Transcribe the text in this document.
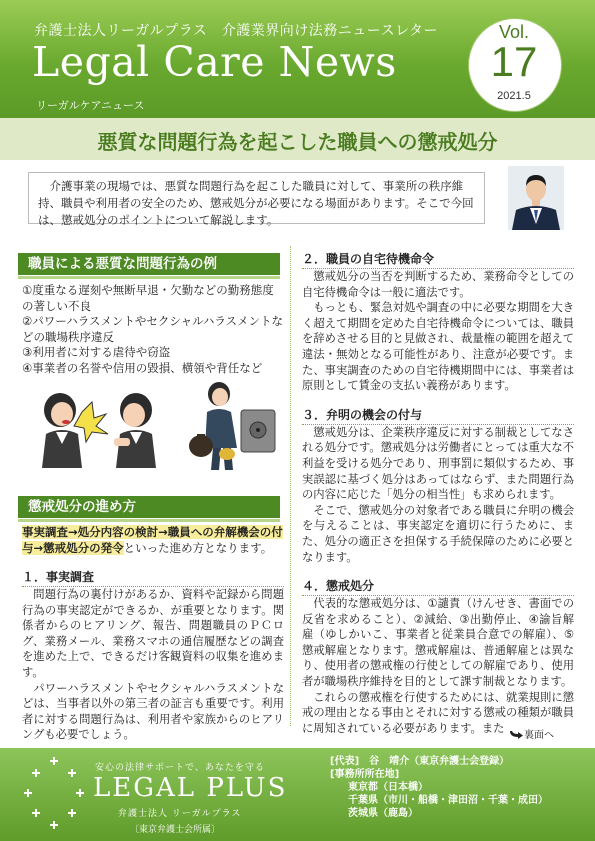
弁護士法人リーガルプラス　介護業界向け法務ニュースレター
Legal Care News
リーガルケアニュース
Vol.
17
2021.5
悪質な問題行為を起こした職員への懲戒処分
介護事業の現場では、悪質な問題行為を起こした職員に対して、事業所の秩序維持、職員や利用者の安全のため、懲戒処分が必要になる場面があります。そこで今回は、懲戒処分のポイントについて解説します。
職員による悪質な問題行為の例
①度重なる遅刻や無断早退・欠勤などの勤務態度の著しい不良
②パワーハラスメントやセクシャルハラスメントなどの職場秩序違反
③利用者に対する虐待や窃盗
④事業者の名誉や信用の毀損、横領や背任など
懲戒処分の進め方
事実調査→処分内容の検討→職員への弁解機会の付与→懲戒処分の発令といった進め方となります。
１．事実調査
問題行為の裏付けがあるか、資料や記録から問題行為の事実認定ができるか、が重要となります。関係者からのヒアリング、報告、問題職員のＰＣログ、業務メール、業務スマホの通信履歴などの調査を進めた上で、できるだけ客観資料の収集を進めます。
パワーハラスメントやセクシャルハラスメントなどは、当事者以外の第三者の証言も重要です。利用者に対する問題行為は、利用者や家族からのヒアリングも必要でしょう。
２．職員の自宅待機命令
懲戒処分の当否を判断するため、業務命令としての自宅待機命令は一般に適法です。
もっとも、緊急対処や調査の中に必要な期間を大きく超えて期間を定めた自宅待機命令については、職員を辞めさせる目的と見做され、裁量権の範囲を超えて違法・無効となる可能性があり、注意が必要です。また、事実調査のための自宅待機期間中には、事業者は原則として賃金の支払い義務があります。
３．弁明の機会の付与
懲戒処分は、企業秩序違反に対する制裁としてなされる処分です。懲戒処分は労働者にとっては重大な不利益を受ける処分であり、刑事罰に類似するため、事実誤認に基づく処分はあってはならず、また問題行為の内容に応じた「処分の相当性」も求められます。
そこで、懲戒処分の対象者である職員に弁明の機会を与えることは、事実認定を適切に行うために、また、処分の適正さを担保する手続保障のために必要となります。
４．懲戒処分
代表的な懲戒処分は、①譴責（けんせき、書面での反省を求めること）、②減給、③出勤停止、④諭旨解雇（ゆしかいこ、事業者と従業員合意での解雇）、⑤懲戒解雇となります。懲戒解雇は、普通解雇とは異なり、使用者の懲戒権の行使としての解雇であり、使用者が職場秩序維持を目的として課す制裁となります。
これらの懲戒権を行使するためには、就業規則に懲戒の理由となる事由とそれに対する懲戒の種類が職員に周知されている必要があります。また
裏面へ
安心の法律サポートで、あなたを守る
LEGAL PLUS
弁護士法人 リーガルプラス
〔東京弁護士会所属〕
[代表]　 谷　靖介（東京弁護士会登録）
[事務所所在地]
東京都（日本橋）
千葉県（市川・船橋・津田沼・千葉・成田）
茨城県（鹿島）
